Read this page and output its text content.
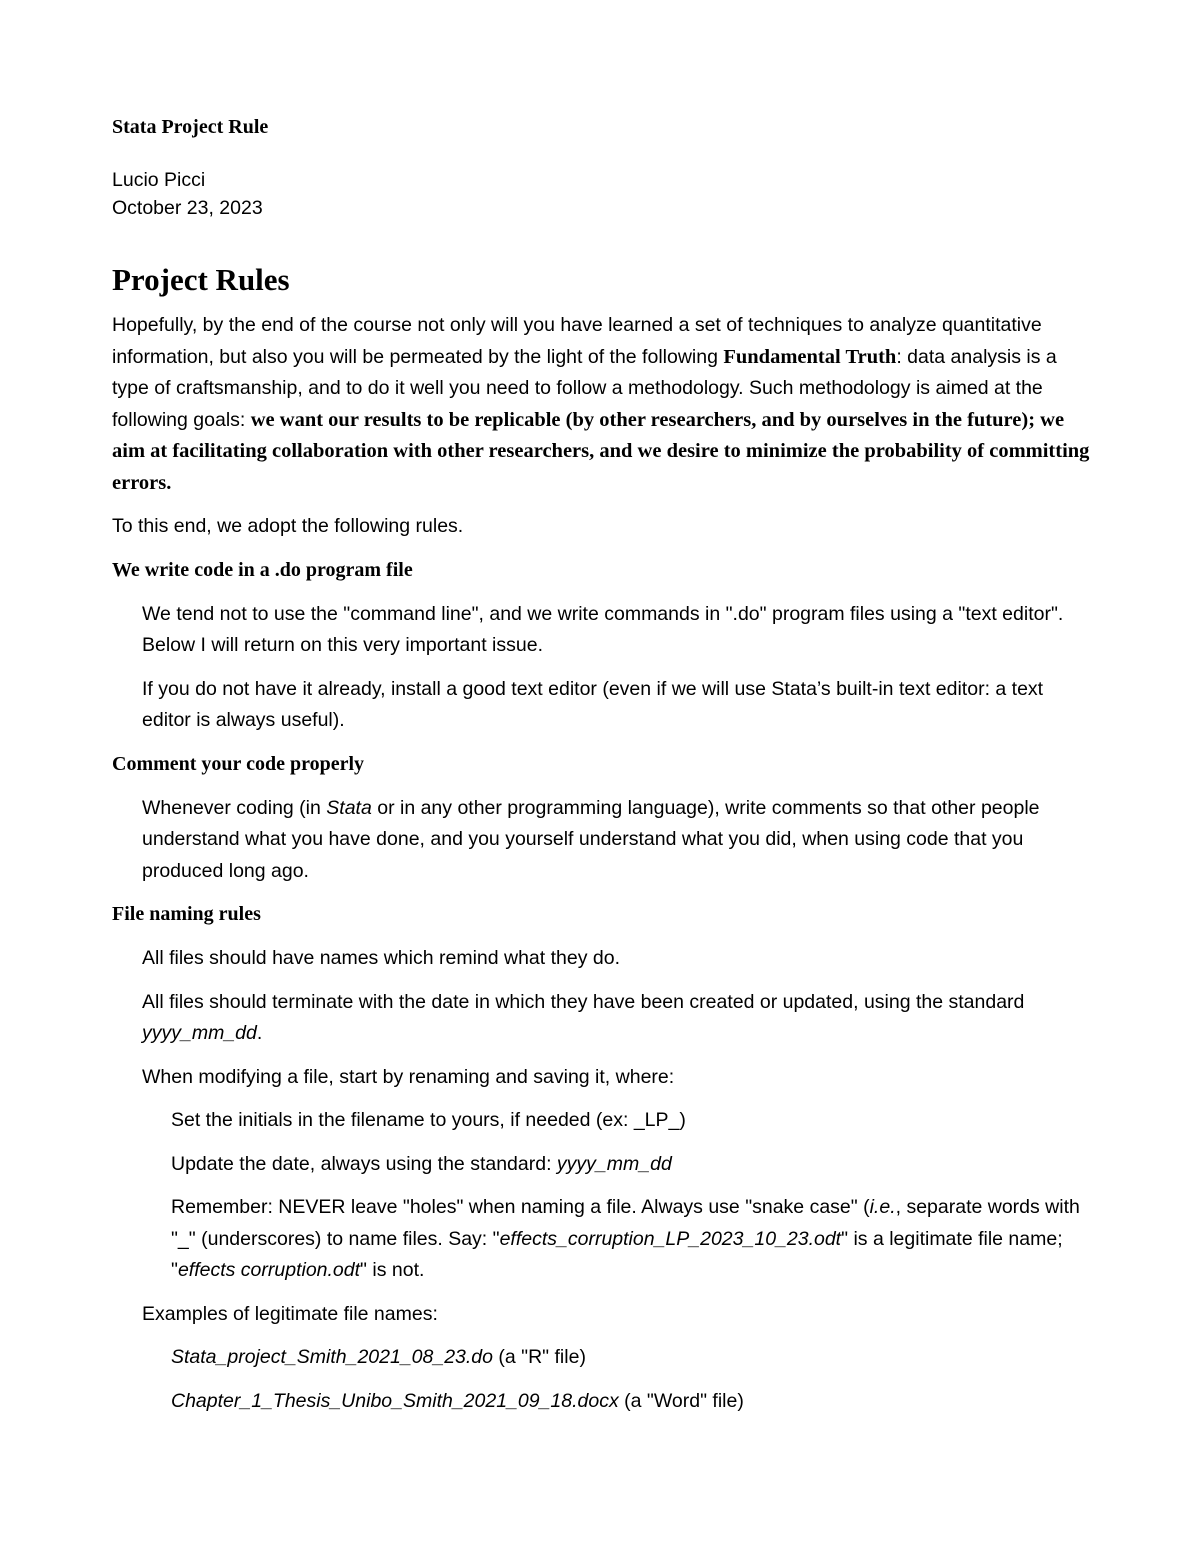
Stata Project Rule

Lucio Picci

October 23, 2023

Project Rules

Hopefully, by the end of the course not only will you have learned a set of techniques to analyze quantitative information, but also you will be permeated by the light of the following Fundamental Truth: data analysis is a type of craftsmanship, and to do it well you need to follow a methodology. Such methodology is aimed at the following goals: we want our results to be replicable (by other researchers, and by ourselves in the future); we aim at facilitating collaboration with other researchers, and we desire to minimize the probability of committing errors.

To this end, we adopt the following rules.

We write code in a .do program file

We tend not to use the "command line", and we write commands in ".do" program files using a "text editor". Below I will return on this very important issue.

If you do not have it already, install a good text editor (even if we will use Stata’s built-in text editor: a text editor is always useful).

Comment your code properly

Whenever coding (in Stata or in any other programming language), write comments so that other people understand what you have done, and you yourself understand what you did, when using code that you produced long ago.

File naming rules

All files should have names which remind what they do.

All files should terminate with the date in which they have been created or updated, using the standard yyyy_mm_dd.

When modifying a file, start by renaming and saving it, where:

Set the initials in the filename to yours, if needed (ex: _LP_)

Update the date, always using the standard: yyyy_mm_dd

Remember: NEVER leave "holes" when naming a file. Always use "snake case" (i.e., separate words with "_" (underscores) to name files. Say: "effects_corruption_LP_2023_10_23.odt" is a legitimate file name; "effects corruption.odt" is not.

Examples of legitimate file names:

Stata_project_Smith_2021_08_23.do (a "R" file)

Chapter_1_Thesis_Unibo_Smith_2021_09_18.docx (a "Word" file)
